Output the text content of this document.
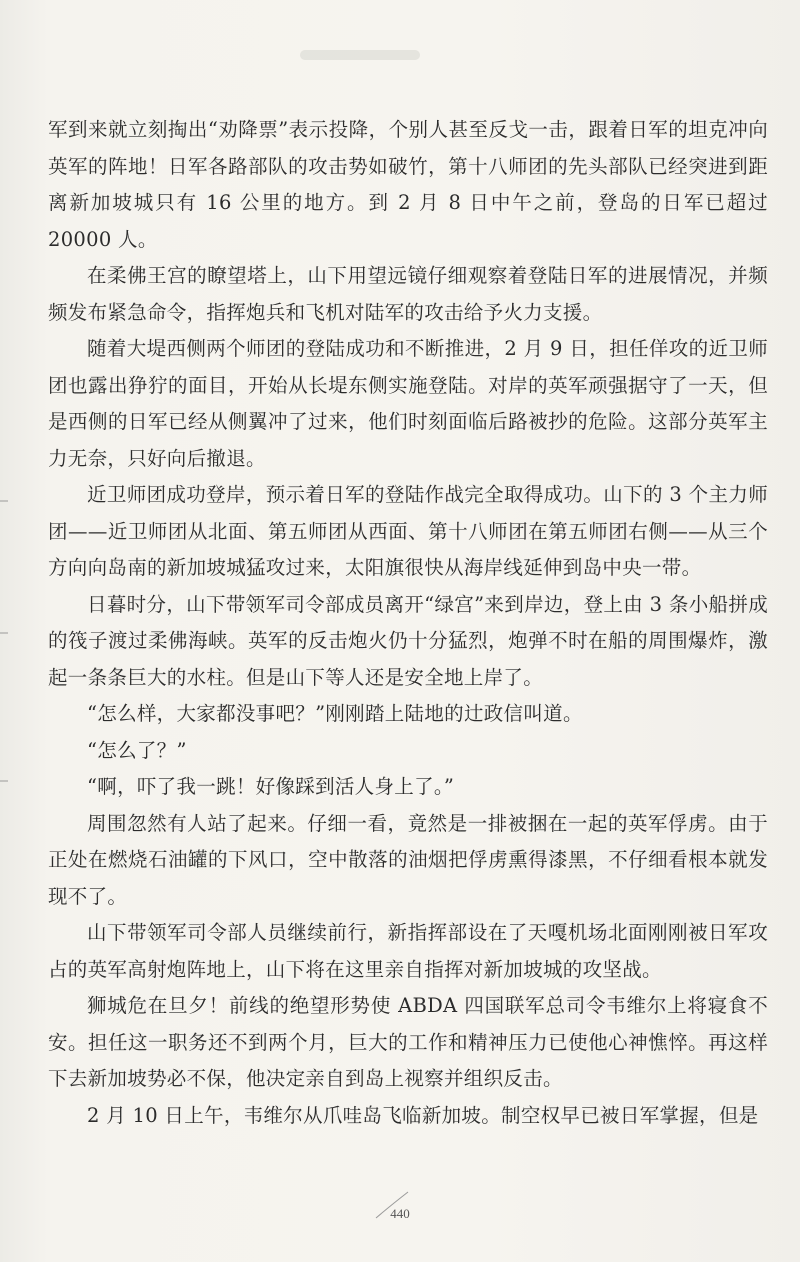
军到来就立刻掏出“劝降票”表示投降，个别人甚至反戈一击，跟着日军的坦克冲向英军的阵地！日军各路部队的攻击势如破竹，第十八师团的先头部队已经突进到距离新加坡城只有 16 公里的地方。到 2 月 8 日中午之前，登岛的日军已超过 20000 人。

在柔佛王宫的瞭望塔上，山下用望远镜仔细观察着登陆日军的进展情况，并频频发布紧急命令，指挥炮兵和飞机对陆军的攻击给予火力支援。

随着大堤西侧两个师团的登陆成功和不断推进，2 月 9 日，担任佯攻的近卫师团也露出狰狞的面目，开始从长堤东侧实施登陆。对岸的英军顽强据守了一天，但是西侧的日军已经从侧翼冲了过来，他们时刻面临后路被抄的危险。这部分英军主力无奈，只好向后撤退。

近卫师团成功登岸，预示着日军的登陆作战完全取得成功。山下的 3 个主力师团——近卫师团从北面、第五师团从西面、第十八师团在第五师团右侧——从三个方向向岛南的新加坡城猛攻过来，太阳旗很快从海岸线延伸到岛中央一带。

日暮时分，山下带领军司令部成员离开“绿宫”来到岸边，登上由 3 条小船拼成的筏子渡过柔佛海峡。英军的反击炮火仍十分猛烈，炮弹不时在船的周围爆炸，激起一条条巨大的水柱。但是山下等人还是安全地上岸了。

“怎么样，大家都没事吧？”刚刚踏上陆地的辻政信叫道。

“怎么了？”

“啊，吓了我一跳！好像踩到活人身上了。”

周围忽然有人站了起来。仔细一看，竟然是一排被捆在一起的英军俘虏。由于正处在燃烧石油罐的下风口，空中散落的油烟把俘虏熏得漆黑，不仔细看根本就发现不了。

山下带领军司令部人员继续前行，新指挥部设在了天嘎机场北面刚刚被日军攻占的英军高射炮阵地上，山下将在这里亲自指挥对新加坡城的攻坚战。

狮城危在旦夕！前线的绝望形势使 ABDA 四国联军总司令韦维尔上将寝食不安。担任这一职务还不到两个月，巨大的工作和精神压力已使他心神憔悴。再这样下去新加坡势必不保，他决定亲自到岛上视察并组织反击。

2 月 10 日上午，韦维尔从爪哇岛飞临新加坡。制空权早已被日军掌握，但是

440
